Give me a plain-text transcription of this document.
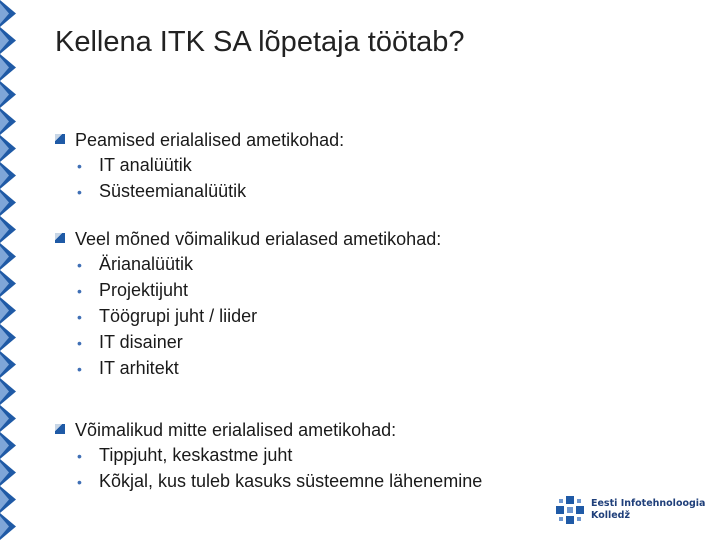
Kellena ITK SA lõpetaja töötab?
Peamised erialalised ametikohad:
• IT analüütik
• Süsteemianalüütik
Veel mõned võimalikud erialased ametikohad:
• Ärianalüütik
• Projektijuht
• Töögrupi juht / liider
• IT disainer
• IT arhitekt
Võimalikud mitte erialalised ametikohad:
• Tippjuht, keskastme juht
• Kõkjal, kus tuleb kasuks süsteemne lähenemine
Eesti Infotehnoloogia
Kolledž
